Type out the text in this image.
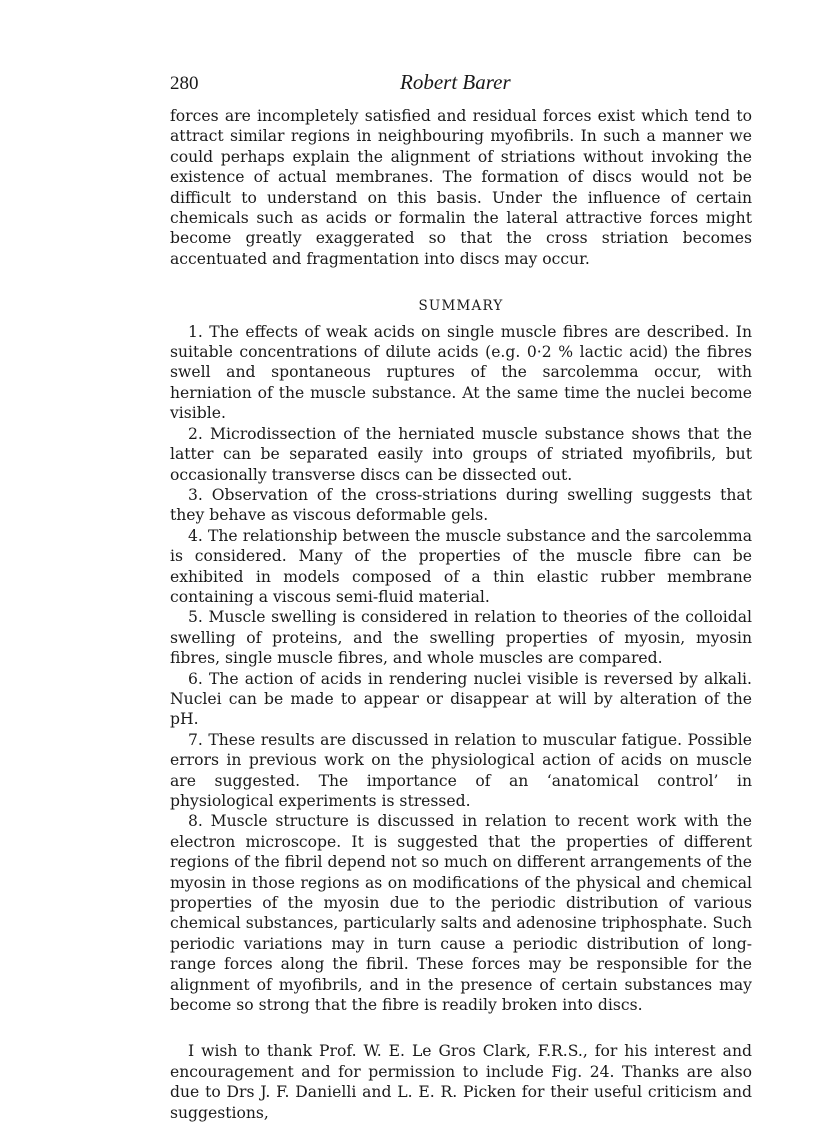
280	Robert Barer

forces are incompletely satisfied and residual forces exist which tend to attract similar regions in neighbouring myofibrils. In such a manner we could perhaps explain the alignment of striations without invoking the existence of actual membranes. The formation of discs would not be difficult to understand on this basis. Under the influence of certain chemicals such as acids or formalin the lateral attractive forces might become greatly exaggerated so that the cross striation becomes accentuated and fragmentation into discs may occur.

SUMMARY

1. The effects of weak acids on single muscle fibres are described. In suitable concentrations of dilute acids (e.g. 0·2 % lactic acid) the fibres swell and spontaneous ruptures of the sarcolemma occur, with herniation of the muscle substance. At the same time the nuclei become visible.

2. Microdissection of the herniated muscle substance shows that the latter can be separated easily into groups of striated myofibrils, but occasionally transverse discs can be dissected out.

3. Observation of the cross-striations during swelling suggests that they behave as viscous deformable gels.

4. The relationship between the muscle substance and the sarcolemma is considered. Many of the properties of the muscle fibre can be exhibited in models composed of a thin elastic rubber membrane containing a viscous semi-fluid material.

5. Muscle swelling is considered in relation to theories of the colloidal swelling of proteins, and the swelling properties of myosin, myosin fibres, single muscle fibres, and whole muscles are compared.

6. The action of acids in rendering nuclei visible is reversed by alkali. Nuclei can be made to appear or disappear at will by alteration of the pH.

7. These results are discussed in relation to muscular fatigue. Possible errors in previous work on the physiological action of acids on muscle are suggested. The importance of an ‘anatomical control’ in physiological experiments is stressed.

8. Muscle structure is discussed in relation to recent work with the electron microscope. It is suggested that the properties of different regions of the fibril depend not so much on different arrangements of the myosin in those regions as on modifications of the physical and chemical properties of the myosin due to the periodic distribution of various chemical substances, particularly salts and adenosine triphosphate. Such periodic variations may in turn cause a periodic distribution of long-range forces along the fibril. These forces may be responsible for the alignment of myofibrils, and in the presence of certain substances may become so strong that the fibre is readily broken into discs.

I wish to thank Prof. W. E. Le Gros Clark, F.R.S., for his interest and encouragement and for permission to include Fig. 24. Thanks are also due to Drs J. F. Danielli and L. E. R. Picken for their useful criticism and suggestions,
